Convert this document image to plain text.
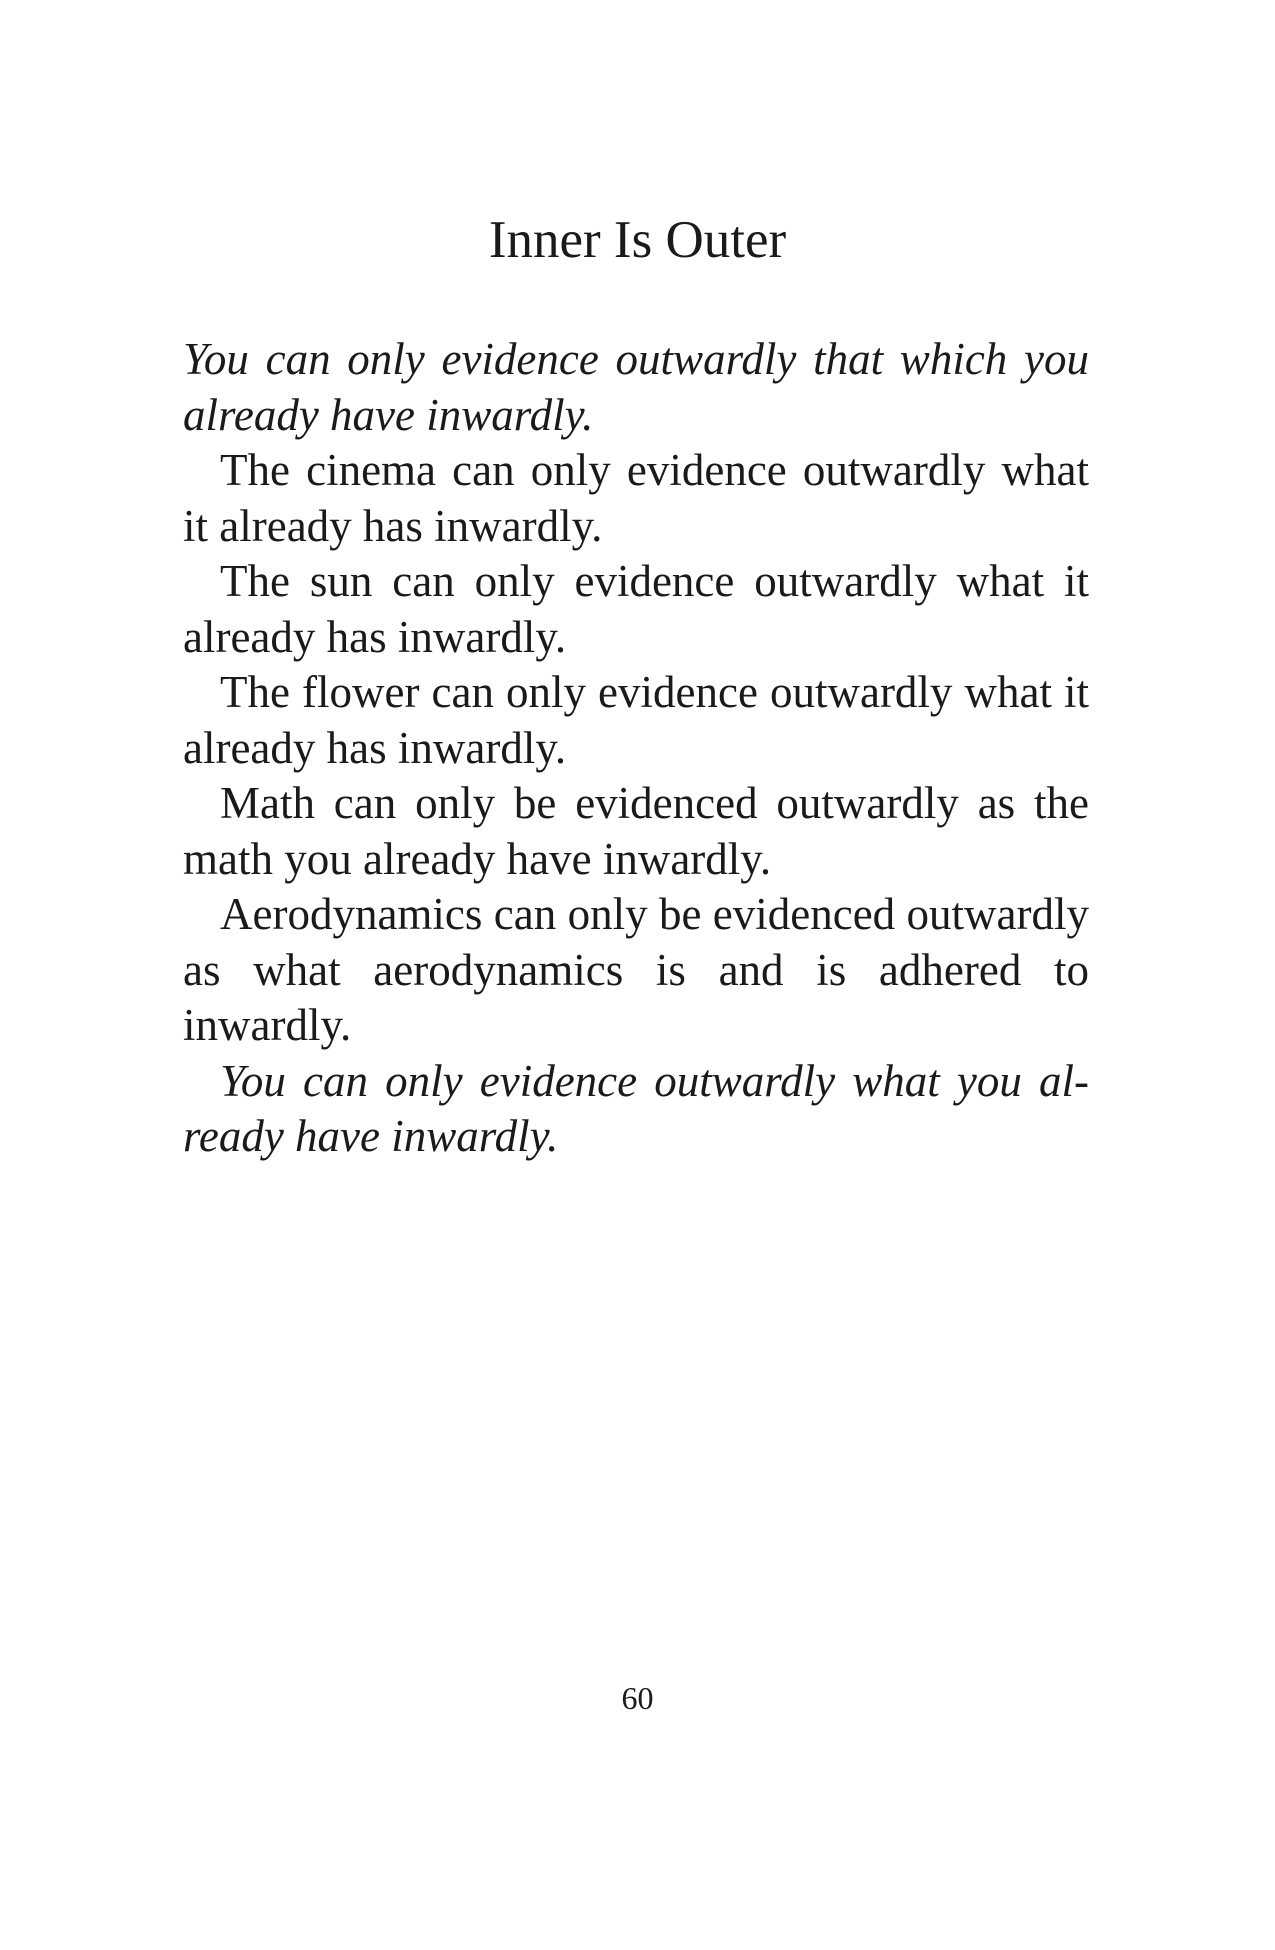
Inner Is Outer

You can only evidence outwardly that which you already have inwardly.

The cinema can only evidence outwardly what it already has inwardly.

The sun can only evidence outwardly what it already has inwardly.

The flower can only evidence outwardly what it already has inwardly.

Math can only be evidenced outwardly as the math you already have inwardly.

Aerodynamics can only be evidenced outwardly as what aerodynamics is and is adhered to inwardly.

You can only evidence outwardly what you already have inwardly.

60
